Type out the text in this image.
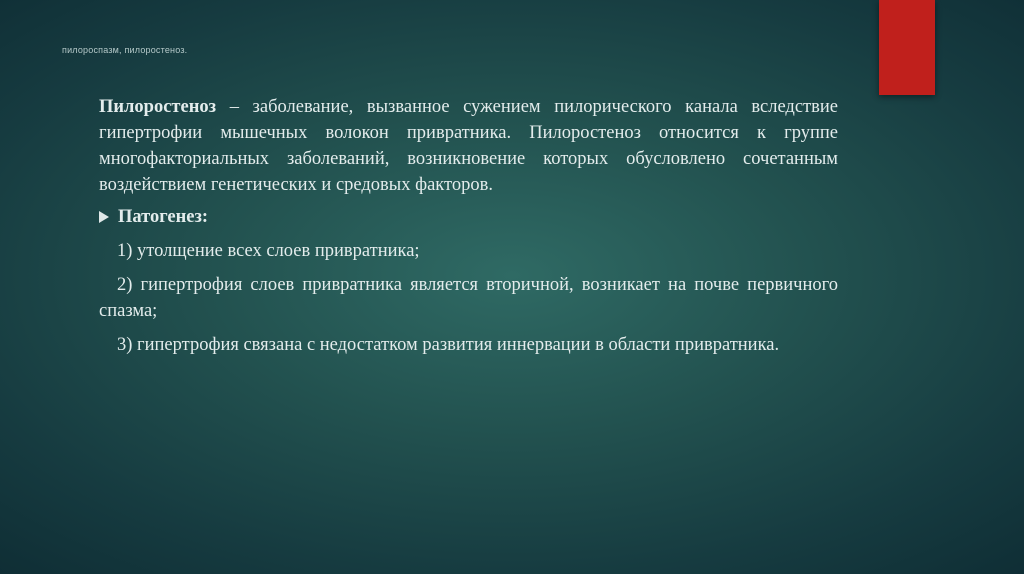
пилороспазм, пилоростеноз.

Пилоростеноз – заболевание, вызванное сужением пилорического канала вследствие гипертрофии мышечных волокон привратника. Пилоростеноз относится к группе многофакториальных заболеваний, возникновение которых обусловлено сочетанным воздействием генетических и средовых факторов.

Патогенез:

1) утолщение всех слоев привратника;

2) гипертрофия слоев привратника является вторичной, возникает на почве первичного спазма;

3) гипертрофия связана с недостатком развития иннервации в области привратника.
